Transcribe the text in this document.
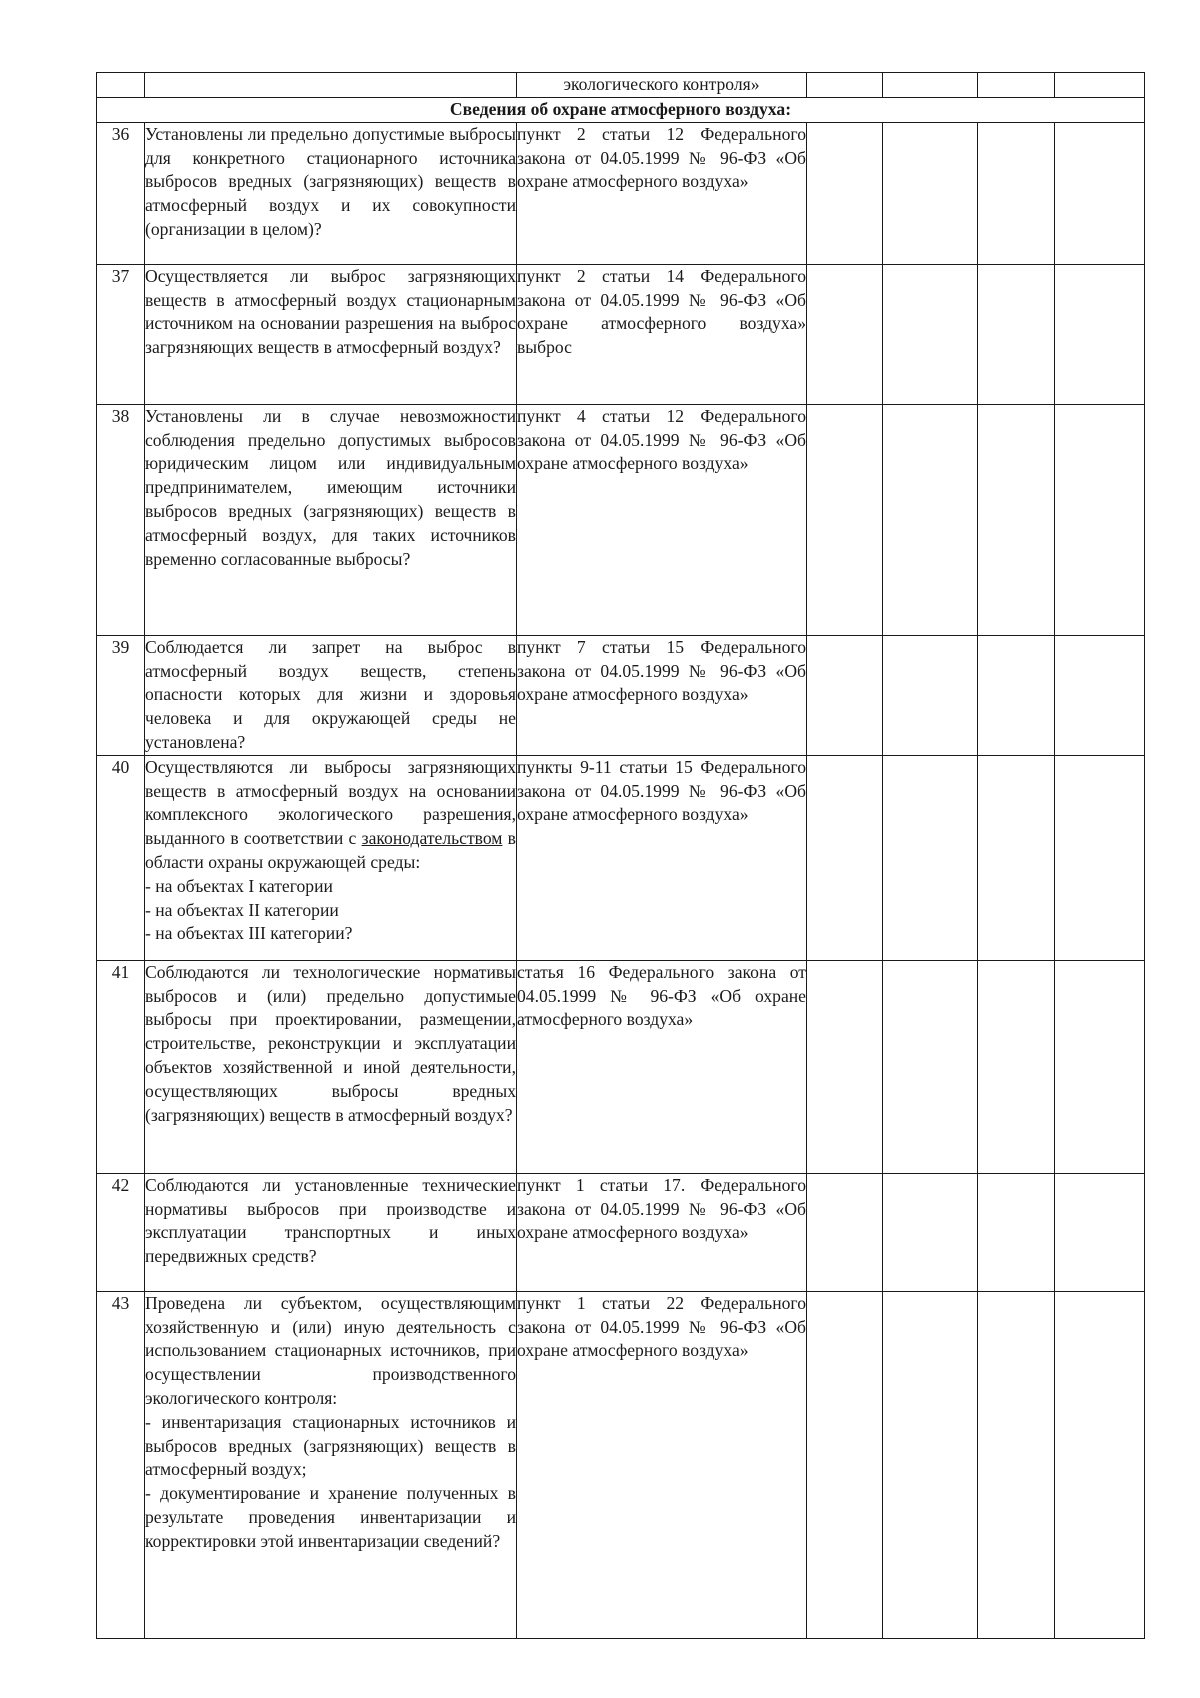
		экологического контроля»				
Сведения об охране атмосферного воздуха:						
36	Установлены ли предельно допустимые выбросы для конкретного стационарного источника выбросов вредных (загрязняющих) веществ в атмосферный воздух и их совокупности (организации в целом)?	пункт 2 статьи 12 Федерального закона от 04.05.1999 № 96-ФЗ «Об охране атмосферного воздуха»				
37	Осуществляется ли выброс загрязняющих веществ в атмосферный воздух стационарным источником на основании разрешения на выброс загрязняющих веществ в атмосферный воздух?	пункт 2 статьи 14 Федерального закона от 04.05.1999 № 96-ФЗ «Об охране атмосферного воздуха» выброс				
38	Установлены ли в случае невозможности соблюдения предельно допустимых выбросов юридическим лицом или индивидуальным предпринимателем, имеющим источники выбросов вредных (загрязняющих) веществ в атмосферный воздух, для таких источников временно согласованные выбросы?	пункт 4 статьи 12 Федерального закона от 04.05.1999 № 96-ФЗ «Об охране атмосферного воздуха»				
39	Соблюдается ли запрет на выброс в атмосферный воздух веществ, степень опасности которых для жизни и здоровья человека и для окружающей среды не установлена?	пункт 7 статьи 15 Федерального закона от 04.05.1999 № 96-ФЗ «Об охране атмосферного воздуха»				
40	Осуществляются ли выбросы загрязняющих веществ в атмосферный воздух на основании комплексного экологического разрешения, выданного в соответствии с законодательством в области охраны окружающей среды:
- на объектах I категории
- на объектах II категории
- на объектах III категории?	пункты 9-11 статьи 15 Федерального закона от 04.05.1999 № 96-ФЗ «Об охране атмосферного воздуха»				
41	Соблюдаются ли технологические нормативы выбросов и (или) предельно допустимые выбросы при проектировании, размещении, строительстве, реконструкции и эксплуатации объектов хозяйственной и иной деятельности, осуществляющих выбросы вредных (загрязняющих) веществ в атмосферный воздух?	статья 16 Федерального закона от 04.05.1999 № 96-ФЗ «Об охране атмосферного воздуха»				
42	Соблюдаются ли установленные технические нормативы выбросов при производстве и эксплуатации транспортных и иных передвижных средств?	пункт 1 статьи 17. Федерального закона от 04.05.1999 № 96-ФЗ «Об охране атмосферного воздуха»				
43	Проведена ли субъектом, осуществляющим хозяйственную и (или) иную деятельность с использованием стационарных источников, при осуществлении производственного экологического контроля:
- инвентаризация стационарных источников и выбросов вредных (загрязняющих) веществ в атмосферный воздух;
- документирование и хранение полученных в результате проведения инвентаризации и корректировки этой инвентаризации сведений?	пункт 1 статьи 22 Федерального закона от 04.05.1999 № 96-ФЗ «Об охране атмосферного воздуха»				
